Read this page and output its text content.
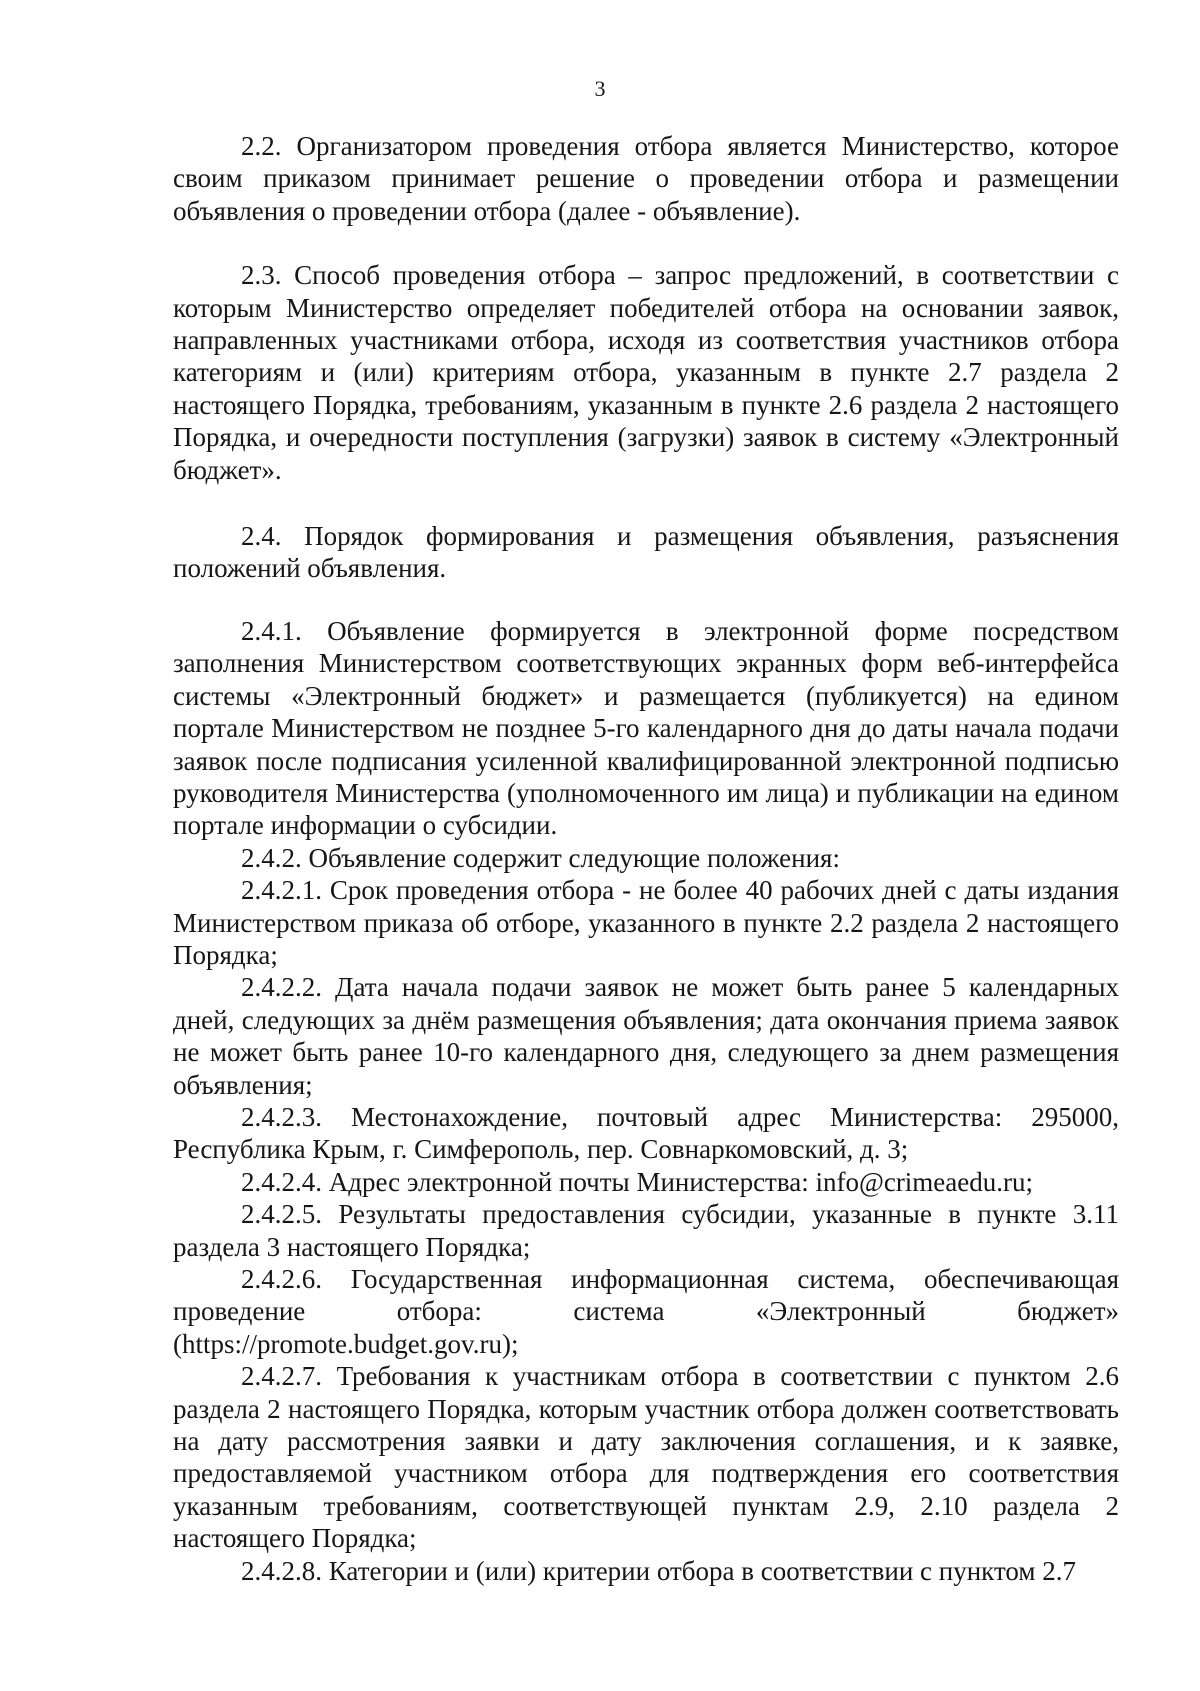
3

2.2. Организатором проведения отбора является Министерство, которое своим приказом принимает решение о проведении отбора и размещении объявления о проведении отбора (далее - объявление).

2.3. Способ проведения отбора – запрос предложений, в соответствии с которым Министерство определяет победителей отбора на основании заявок, направленных участниками отбора, исходя из соответствия участников отбора категориям и (или) критериям отбора, указанным в пункте 2.7 раздела 2 настоящего Порядка, требованиям, указанным в пункте 2.6 раздела 2 настоящего Порядка, и очередности поступления (загрузки) заявок в систему «Электронный бюджет».

2.4. Порядок формирования и размещения объявления, разъяснения положений объявления.

2.4.1. Объявление формируется в электронной форме посредством заполнения Министерством соответствующих экранных форм веб-интерфейса системы «Электронный бюджет» и размещается (публикуется) на едином портале Министерством не позднее 5-го календарного дня до даты начала подачи заявок после подписания усиленной квалифицированной электронной подписью руководителя Министерства (уполномоченного им лица) и публикации на едином портале информации о субсидии.

2.4.2. Объявление содержит следующие положения:

2.4.2.1. Срок проведения отбора - не более 40 рабочих дней с даты издания Министерством приказа об отборе, указанного в пункте 2.2 раздела 2 настоящего Порядка;

2.4.2.2. Дата начала подачи заявок не может быть ранее 5 календарных дней, следующих за днём размещения объявления; дата окончания приема заявок не может быть ранее 10-го календарного дня, следующего за днем размещения объявления;

2.4.2.3. Местонахождение, почтовый адрес Министерства: 295000, Республика Крым, г. Симферополь, пер. Совнаркомовский, д. 3;

2.4.2.4. Адрес электронной почты Министерства: info@crimeaedu.ru;

2.4.2.5. Результаты предоставления субсидии, указанные в пункте 3.11 раздела 3 настоящего Порядка;

2.4.2.6. Государственная информационная система, обеспечивающая проведение отбора: система «Электронный бюджет» (https://promote.budget.gov.ru);

2.4.2.7. Требования к участникам отбора в соответствии с пунктом 2.6 раздела 2 настоящего Порядка, которым участник отбора должен соответствовать на дату рассмотрения заявки и дату заключения соглашения, и к заявке, предоставляемой участником отбора для подтверждения его соответствия указанным требованиям, соответствующей пунктам 2.9, 2.10 раздела 2 настоящего Порядка;

2.4.2.8. Категории и (или) критерии отбора в соответствии с пунктом 2.7
